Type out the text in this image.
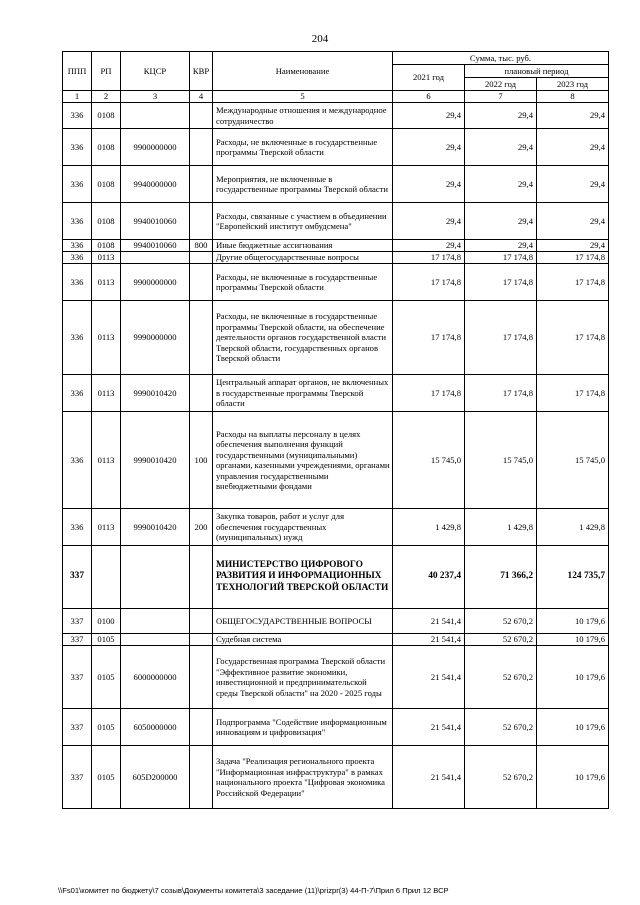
204
ППП	РП	КЦСР	КВР	Наименование	Сумма, тыс. руб.		
					2021 год	плановый период	
						2022 год	2023 год
1	2	3	4	5	6	7	8
336	0108			Международные отношения и международное сотрудничество	29,4	29,4	29,4
336	0108	9900000000		Расходы, не включенные в государственные программы Тверской области	29,4	29,4	29,4
336	0108	9940000000		Мероприятия, не включенные в государственные программы Тверской области	29,4	29,4	29,4
336	0108	9940010060		Расходы, связанные с участием в объединении "Европейский институт омбудсмена"	29,4	29,4	29,4
336	0108	9940010060	800	Иные бюджетные ассигнования	29,4	29,4	29,4
336	0113			Другие общегосударственные вопросы	17 174,8	17 174,8	17 174,8
336	0113	9900000000		Расходы, не включенные в государственные программы Тверской области	17 174,8	17 174,8	17 174,8
336	0113	9990000000		Расходы, не включенные в государственные программы Тверской области, на обеспечение деятельности органов государственной власти Тверской области, государственных органов Тверской области	17 174,8	17 174,8	17 174,8
336	0113	9990010420		Центральный аппарат органов, не включенных в государственные программы Тверской области	17 174,8	17 174,8	17 174,8
336	0113	9990010420	100	Расходы на выплаты персоналу в целях обеспечения выполнения функций государственными (муниципальными) органами, казенными учреждениями, органами управления государственными внебюджетными фондами	15 745,0	15 745,0	15 745,0
336	0113	9990010420	200	Закупка товаров, работ и услуг для обеспечения государственных (муниципальных) нужд	1 429,8	1 429,8	1 429,8
337				МИНИСТЕРСТВО ЦИФРОВОГО РАЗВИТИЯ И ИНФОРМАЦИОННЫХ ТЕХНОЛОГИЙ ТВЕРСКОЙ ОБЛАСТИ	40 237,4	71 366,2	124 735,7
337	0100			ОБЩЕГОСУДАРСТВЕННЫЕ ВОПРОСЫ	21 541,4	52 670,2	10 179,6
337	0105			Судебная система	21 541,4	52 670,2	10 179,6
337	0105	6000000000		Государственная программа Тверской области "Эффективное развитие экономики, инвестиционной и предпринимательской среды Тверской области" на 2020 - 2025 годы	21 541,4	52 670,2	10 179,6
337	0105	6050000000		Подпрограмма "Содействие информационным инновациям и цифровизация"	21 541,4	52 670,2	10 179,6
337	0105	605D200000		Задача "Реализация регионального проекта "Информационная инфраструктура" в рамках национального проекта "Цифровая экономика Российской Федерации"	21 541,4	52 670,2	10 179,6
\\Fs01\комитет по бюджету\7 созыв\Документы комитета\3 заседание (11)\prizpr(3) 44-П-7\Прил 6 Прил 12 ВСР
